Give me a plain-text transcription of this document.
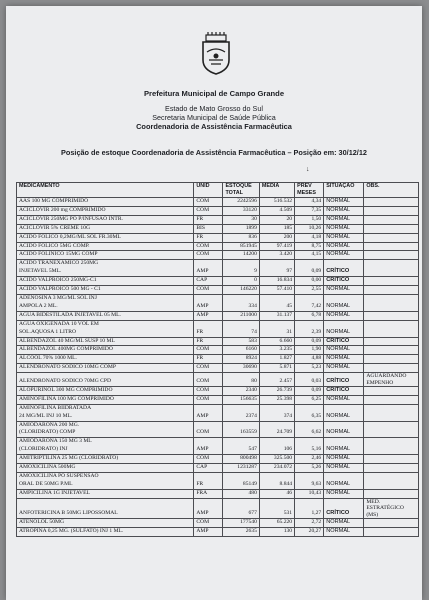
Prefeitura Municipal de Campo Grande
Estado de Mato Grosso do Sul
Secretaria Municipal de Saúde Pública
Coordenadoria de Assistência Farmacêutica
Posição de estoque Coordenadoria de Assistência Farmacêutica – Posição em: 30/12/12
↓
MEDICAMENTO	UNID	ESTOQUE TOTAL	MEDIA	PREV MESES	SITUAÇÃO	OBS.
AAS 100 MG COMPRIMIDO	COM	2242596	516.532	4,34	NORMAL	
ACICLOVIR 200 mg COMPRIMIDO	COM	33120	4.509	7,35	NORMAL	
ACICLOVIR 250MG PO P/INFUSAO INTR.	FR	30	20	1,50	NORMAL	
ACICLOVIR 5% CREME 10G	BIS	1899	185	10,26	NORMAL	
ACIDO FOLICO 0,2MG/ML SOL FR.30ML	FR	836	200	4,18	NORMAL	
ACIDO FOLICO 5MG COMP.	COM	851945	97.419	8,75	NORMAL	
ACIDO FOLINICO 15MG COMP	COM	14200	3.420	4,15	NORMAL	
ACIDO TRANEXAMICO 250MG
INJETAVEL 5ML.	AMP	9	97	0,09	CRÍTICO	
ACIDO VALPROICO 250MG-C1	CAP	0	16.834	0,00	CRÍTICO	
ACIDO VALPROICO 500 MG - C1	COM	146220	57.410	2,55	NORMAL	
ADENOSINA 3 MG/ML SOL INJ
AMPOLA 2 ML.	AMP	334	45	7,42	NORMAL	
AGUA BIDESTILADA INJETAVEL 05 ML.	AMP	211000	31.137	6,78	NORMAL	
AGUA OXIGENADA 10 VOL EM
SOL.AQUOSA 1 LITRO	FR	74	31	2,39	NORMAL	
ALBENDAZOL 40 MG/ML SUSP 10 ML	FR	583	6.660	0,09	CRÍTICO	
ALBENDAZOL 400MG COMPRIMIDO	COM	6160	3.235	1,90	NORMAL	
ALCOOL 70% 1000 ML.	FR	8924	1.827	4,88	NORMAL	
ALENDRONATO SODICO 10MG COMP	COM	30690	5.871	5,23	NORMAL	
ALENDRONATO SODICO 70MG CPD	COM	80	2.457	0,03	CRÍTICO	AGUARDANDO EMPENHO
ALOPURINOL 300 MG COMPRIMIDO	COM	2340	26.739	0,09	CRÍTICO	
AMINOFILINA 100 MG COMPRIMIDO	COM	156635	25.398	6,25	NORMAL	
AMINOFILINA BIIDRATADA
24 MG/ML INJ 10 ML.	AMP	2374	374	6,35	NORMAL	
AMIODARONA 200 MG.
(CLORIDRATO) COMP	COM	163559	24.709	6,62	NORMAL	
AMIODARONA 150 MG 3 ML
(CLORIDRATO) INJ	AMP	547	106	5,16	NORMAL	
AMITRIPTILINA 25 MG (CLORIDRATO)	COM	800498	325.500	2,46	NORMAL	
AMOXICILINA 500MG	CAP	1231287	234.072	5,26	NORMAL	
AMOXICILINA PO SUSPENSAO
ORAL DE 50MG P.ML	FR	85149	8.844	9,63	NORMAL	
AMPICILINA 1G INJETAVEL	FRA	480	46	10,43	NORMAL	
ANFOTERICINA B 50MG LIPOSSOMAL	AMP	677	531	1,27	CRÍTICO	MED. ESTRATÉGICO (MS)
ATENOLOL 50MG	COM	177540	65.220	2,72	NORMAL	
ATROPINA 0,25 MG. (SULFATO) INJ 1 ML.	AMP	2635	130	20,27	NORMAL	
